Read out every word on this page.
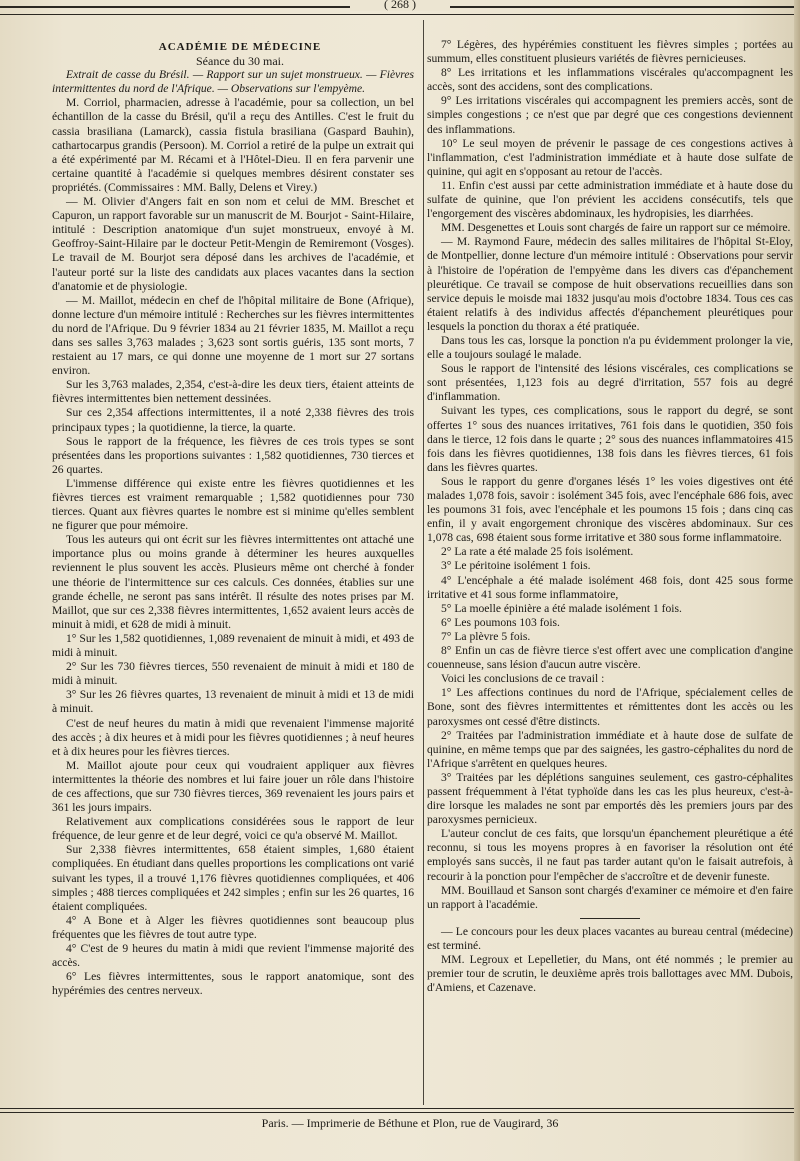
( 268 )

ACADÉMIE DE MÉDECINE

Séance du 30 mai.

Extrait de casse du Brésil. — Rapport sur un sujet monstrueux. — Fièvres intermittentes du nord de l'Afrique. — Observations sur l'empyème.

M. Corriol, pharmacien, adresse à l'académie, pour sa collection, un bel échantillon de la casse du Brésil, qu'il a reçu des Antilles. C'est le fruit du cassia brasiliana (Lamarck), cassia fistula brasiliana (Gaspard Bauhin), cathartocarpus grandis (Persoon). M. Corriol a retiré de la pulpe un extrait qui a été expérimenté par M. Récami et à l'Hôtel-Dieu. Il en fera parvenir une certaine quantité à l'académie si quelques membres désirent constater ses propriétés. (Commissaires : MM. Bally, Delens et Virey.)

— M. Olivier d'Angers fait en son nom et celui de MM. Breschet et Capuron, un rapport favorable sur un manuscrit de M. Bourjot - Saint-Hilaire, intitulé : Description anatomique d'un sujet monstrueux, envoyé à M. Geoffroy-Saint-Hilaire par le docteur Petit-Mengin de Remiremont (Vosges). Le travail de M. Bourjot sera déposé dans les archives de l'académie, et l'auteur porté sur la liste des candidats aux places vacantes dans la section d'anatomie et de physiologie.

— M. Maillot, médecin en chef de l'hôpital militaire de Bone (Afrique), donne lecture d'un mémoire intitulé : Recherches sur les fièvres intermittentes du nord de l'Afrique. Du 9 février 1834 au 21 février 1835, M. Maillot a reçu dans ses salles 3,763 malades ; 3,623 sont sortis guéris, 135 sont morts, 7 restaient au 17 mars, ce qui donne une moyenne de 1 mort sur 27 sortans environ.

Sur les 3,763 malades, 2,354, c'est-à-dire les deux tiers, étaient atteints de fièvres intermittentes bien nettement dessinées.

Sur ces 2,354 affections intermittentes, il a noté 2,338 fièvres des trois principaux types ; la quotidienne, la tierce, la quarte.

Sous le rapport de la fréquence, les fièvres de ces trois types se sont présentées dans les proportions suivantes : 1,582 quotidiennes, 730 tierces et 26 quartes.

L'immense différence qui existe entre les fièvres quotidiennes et les fièvres tierces est vraiment remarquable ; 1,582 quotidiennes pour 730 tierces. Quant aux fièvres quartes le nombre est si minime qu'elles semblent ne figurer que pour mémoire.

Tous les auteurs qui ont écrit sur les fièvres intermittentes ont attaché une importance plus ou moins grande à déterminer les heures auxquelles reviennent le plus souvent les accès. Plusieurs même ont cherché à fonder une théorie de l'intermittence sur ces calculs. Ces données, établies sur une grande échelle, ne seront pas sans intérêt. Il résulte des notes prises par M. Maillot, que sur ces 2,338 fièvres intermittentes, 1,652 avaient leurs accès de minuit à midi, et 628 de midi à minuit.

1° Sur les 1,582 quotidiennes, 1,089 revenaient de minuit à midi, et 493 de midi à minuit.

2° Sur les 730 fièvres tierces, 550 revenaient de minuit à midi et 180 de midi à minuit.

3° Sur les 26 fièvres quartes, 13 revenaient de minuit à midi et 13 de midi à minuit.

C'est de neuf heures du matin à midi que revenaient l'immense majorité des accès ; à dix heures et à midi pour les fièvres quotidiennes ; à neuf heures et à dix heures pour les fièvres tierces.

M. Maillot ajoute pour ceux qui voudraient appliquer aux fièvres intermittentes la théorie des nombres et lui faire jouer un rôle dans l'histoire de ces affections, que sur 730 fièvres tierces, 369 revenaient les jours pairs et 361 les jours impairs.

Relativement aux complications considérées sous le rapport de leur fréquence, de leur genre et de leur degré, voici ce qu'a observé M. Maillot.

Sur 2,338 fièvres intermittentes, 658 étaient simples, 1,680 étaient compliquées. En étudiant dans quelles proportions les complications ont varié suivant les types, il a trouvé 1,176 fièvres quotidiennes compliquées, et 406 simples ; 488 tierces compliquées et 242 simples ; enfin sur les 26 quartes, 16 étaient compliquées.

4° A Bone et à Alger les fièvres quotidiennes sont beaucoup plus fréquentes que les fièvres de tout autre type.

4° C'est de 9 heures du matin à midi que revient l'immense majorité des accès.

6° Les fièvres intermittentes, sous le rapport anatomique, sont des hypérémies des centres nerveux.

7° Légères, des hypérémies constituent les fièvres simples ; portées au summum, elles constituent plusieurs variétés de fièvres pernicieuses.

8° Les irritations et les inflammations viscérales qu'accompagnent les accès, sont des accidens, sont des complications.

9° Les irritations viscérales qui accompagnent les premiers accès, sont de simples congestions ; ce n'est que par degré que ces congestions deviennent des inflammations.

10° Le seul moyen de prévenir le passage de ces congestions actives à l'inflammation, c'est l'administration immédiate et à haute dose sulfate de quinine, qui agit en s'opposant au retour de l'accès.

11. Enfin c'est aussi par cette administration immédiate et à haute dose du sulfate de quinine, que l'on prévient les accidens consécutifs, tels que l'engorgement des viscères abdominaux, les hydropisies, les diarrhées.

MM. Desgenettes et Louis sont chargés de faire un rapport sur ce mémoire.

— M. Raymond Faure, médecin des salles militaires de l'hôpital St-Eloy, de Montpellier, donne lecture d'un mémoire intitulé : Observations pour servir à l'histoire de l'opération de l'empyème dans les divers cas d'épanchement pleurétique. Ce travail se compose de huit observations recueillies dans son service depuis le moisde mai 1832 jusqu'au mois d'octobre 1834. Tous ces cas étaient relatifs à des individus affectés d'épanchement pleurétiques pour lesquels la ponction du thorax a été pratiquée.

Dans tous les cas, lorsque la ponction n'a pu évidemment prolonger la vie, elle a toujours soulagé le malade.

Sous le rapport de l'intensité des lésions viscérales, ces complications se sont présentées, 1,123 fois au degré d'irritation, 557 fois au degré d'inflammation.

Suivant les types, ces complications, sous le rapport du degré, se sont offertes 1° sous des nuances irritatives, 761 fois dans le quotidien, 350 fois dans le tierce, 12 fois dans le quarte ; 2° sous des nuances inflammatoires 415 fois dans les fièvres quotidiennes, 138 fois dans les fièvres tierces, 61 fois dans les fièvres quartes.

Sous le rapport du genre d'organes lésés 1° les voies digestives ont été malades 1,078 fois, savoir : isolément 345 fois, avec l'encéphale 686 fois, avec les poumons 31 fois, avec l'encéphale et les poumons 15 fois ; dans cinq cas enfin, il y avait engorgement chronique des viscères abdominaux. Sur ces 1,078 cas, 698 étaient sous forme irritative et 380 sous forme inflammatoire.

2° La rate a été malade 25 fois isolément.

3° Le péritoine isolément 1 fois.

4° L'encéphale a été malade isolément 468 fois, dont 425 sous forme irritative et 41 sous forme inflammatoire,

5° La moelle épinière a été malade isolément 1 fois.

6° Les poumons 103 fois.

7° La plèvre 5 fois.

8° Enfin un cas de fièvre tierce s'est offert avec une complication d'angine couenneuse, sans lésion d'aucun autre viscère.

Voici les conclusions de ce travail :

1° Les affections continues du nord de l'Afrique, spécialement celles de Bone, sont des fièvres intermittentes et rémittentes dont les accès ou les paroxysmes ont cessé d'être distincts.

2° Traitées par l'administration immédiate et à haute dose de sulfate de quinine, en même temps que par des saignées, les gastro-céphalites du nord de l'Afrique s'arrêtent en quelques heures.

3° Traitées par les déplétions sanguines seulement, ces gastro-céphalites passent fréquemment à l'état typhoïde dans les cas les plus heureux, c'est-à-dire lorsque les malades ne sont par emportés dès les premiers jours par des paroxysmes pernicieux.

L'auteur conclut de ces faits, que lorsqu'un épanchement pleurétique a été reconnu, si tous les moyens propres à en favoriser la résolution ont été employés sans succès, il ne faut pas tarder autant qu'on le faisait autrefois, à recourir à la ponction pour l'empêcher de s'accroître et de devenir funeste.

MM. Bouillaud et Sanson sont chargés d'examiner ce mémoire et d'en faire un rapport à l'académie.

— Le concours pour les deux places vacantes au bureau central (médecine) est terminé.

MM. Legroux et Lepelletier, du Mans, ont été nommés ; le premier au premier tour de scrutin, le deuxième après trois ballottages avec MM. Dubois, d'Amiens, et Cazenave.

Paris. — Imprimerie de Béthune et Plon, rue de Vaugirard, 36
